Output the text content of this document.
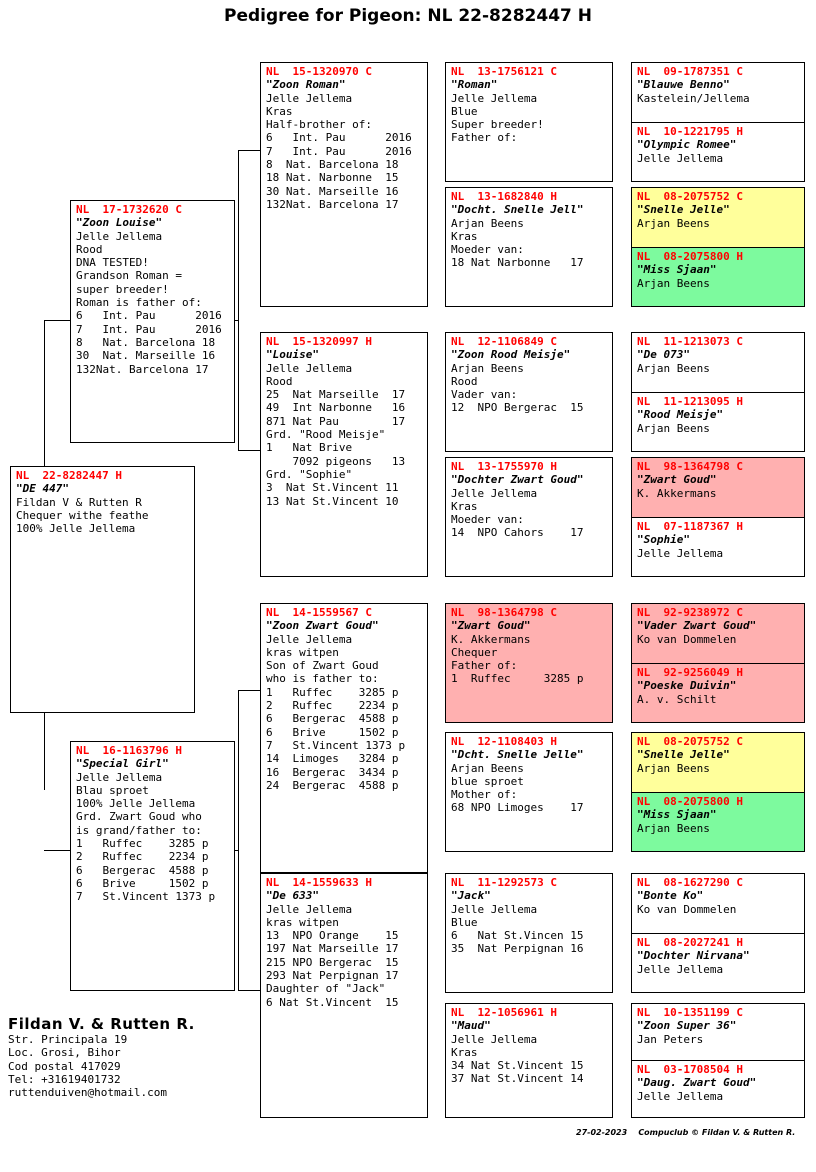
Pedigree for Pigeon: NL 22-8282447 H
NL  22-8282447 H
"DE 447"
Fildan V & Rutten R
Chequer withe feathe
100% Jelle Jellema
NL  17-1732620 C
"Zoon Louise"
Jelle Jellema
Rood
DNA TESTED!
Grandson Roman =
super breeder!
Roman is father of:
6   Int. Pau      2016
7   Int. Pau      2016
8   Nat. Barcelona 18
30  Nat. Marseille 16
132Nat. Barcelona 17
NL  16-1163796 H
"Special Girl"
Jelle Jellema
Blau sproet
100% Jelle Jellema
Grd. Zwart Goud who
is grand/father to:
1   Ruffec    3285 p
2   Ruffec    2234 p
6   Bergerac  4588 p
6   Brive     1502 p
7   St.Vincent 1373 p
NL  15-1320970 C
"Zoon Roman"
Jelle Jellema
Kras
Half-brother of:
6   Int. Pau      2016
7   Int. Pau      2016
8  Nat. Barcelona 18
18 Nat. Narbonne  15
30 Nat. Marseille 16
132Nat. Barcelona 17
NL  15-1320997 H
"Louise"
Jelle Jellema
Rood
25  Nat Marseille  17
49  Int Narbonne   16
871 Nat Pau        17
Grd. "Rood Meisje"
1   Nat Brive
7092 pigeons   13
Grd. "Sophie"
3  Nat St.Vincent 11
13 Nat St.Vincent 10
NL  14-1559567 C
"Zoon Zwart Goud"
Jelle Jellema
kras witpen
Son of Zwart Goud
who is father to:
1   Ruffec    3285 p
2   Ruffec    2234 p
6   Bergerac  4588 p
6   Brive     1502 p
7   St.Vincent 1373 p
14  Limoges   3284 p
16  Bergerac  3434 p
24  Bergerac  4588 p
NL  14-1559633 H
"De 633"
Jelle Jellema
kras witpen
13  NPO Orange    15
197 Nat Marseille 17
215 NPO Bergerac  15
293 Nat Perpignan 17
Daughter of "Jack"
6 Nat St.Vincent  15
NL  13-1756121 C
"Roman"
Jelle Jellema
Blue
Super breeder!
Father of:
NL  13-1682840 H
"Docht. Snelle Jell"
Arjan Beens
Kras
Moeder van:
18 Nat Narbonne   17
NL  12-1106849 C
"Zoon Rood Meisje"
Arjan Beens
Rood
Vader van:
12  NPO Bergerac  15
NL  13-1755970 H
"Dochter Zwart Goud"
Jelle Jellema
Kras
Moeder van:
14  NPO Cahors    17
NL  98-1364798 C
"Zwart Goud"
K. Akkermans
Chequer
Father of:
1  Ruffec     3285 p
NL  12-1108403 H
"Dcht. Snelle Jelle"
Arjan Beens
blue sproet
Mother of:
68 NPO Limoges    17
NL  11-1292573 C
"Jack"
Jelle Jellema
Blue
6   Nat St.Vincen 15
35  Nat Perpignan 16
NL  12-1056961 H
"Maud"
Jelle Jellema
Kras
34 Nat St.Vincent 15
37 Nat St.Vincent 14
NL  09-1787351 C
"Blauwe Benno"
Kastelein/Jellema
NL  10-1221795 H
"Olympic Romee"
Jelle Jellema
NL  08-2075752 C
"Snelle Jelle"
Arjan Beens
NL  08-2075800 H
"Miss Sjaan"
Arjan Beens
NL  11-1213073 C
"De 073"
Arjan Beens
NL  11-1213095 H
"Rood Meisje"
Arjan Beens
NL  98-1364798 C
"Zwart Goud"
K. Akkermans
NL  07-1187367 H
"Sophie"
Jelle Jellema
NL  92-9238972 C
"Vader Zwart Goud"
Ko van Dommelen
NL  92-9256049 H
"Poeske Duivin"
A. v. Schilt
NL  08-2075752 C
"Snelle Jelle"
Arjan Beens
NL  08-2075800 H
"Miss Sjaan"
Arjan Beens
NL  08-1627290 C
"Bonte Ko"
Ko van Dommelen
NL  08-2027241 H
"Dochter Nirvana"
Jelle Jellema
NL  10-1351199 C
"Zoon Super 36"
Jan Peters
NL  03-1708504 H
"Daug. Zwart Goud"
Jelle Jellema
Fildan V. & Rutten R.
Str. Principala 19
Loc. Grosi, Bihor
Cod postal 417029
Tel: +31619401732
ruttenduiven@hotmail.com
27-02-2023    Compuclub © Fildan V. & Rutten R.
